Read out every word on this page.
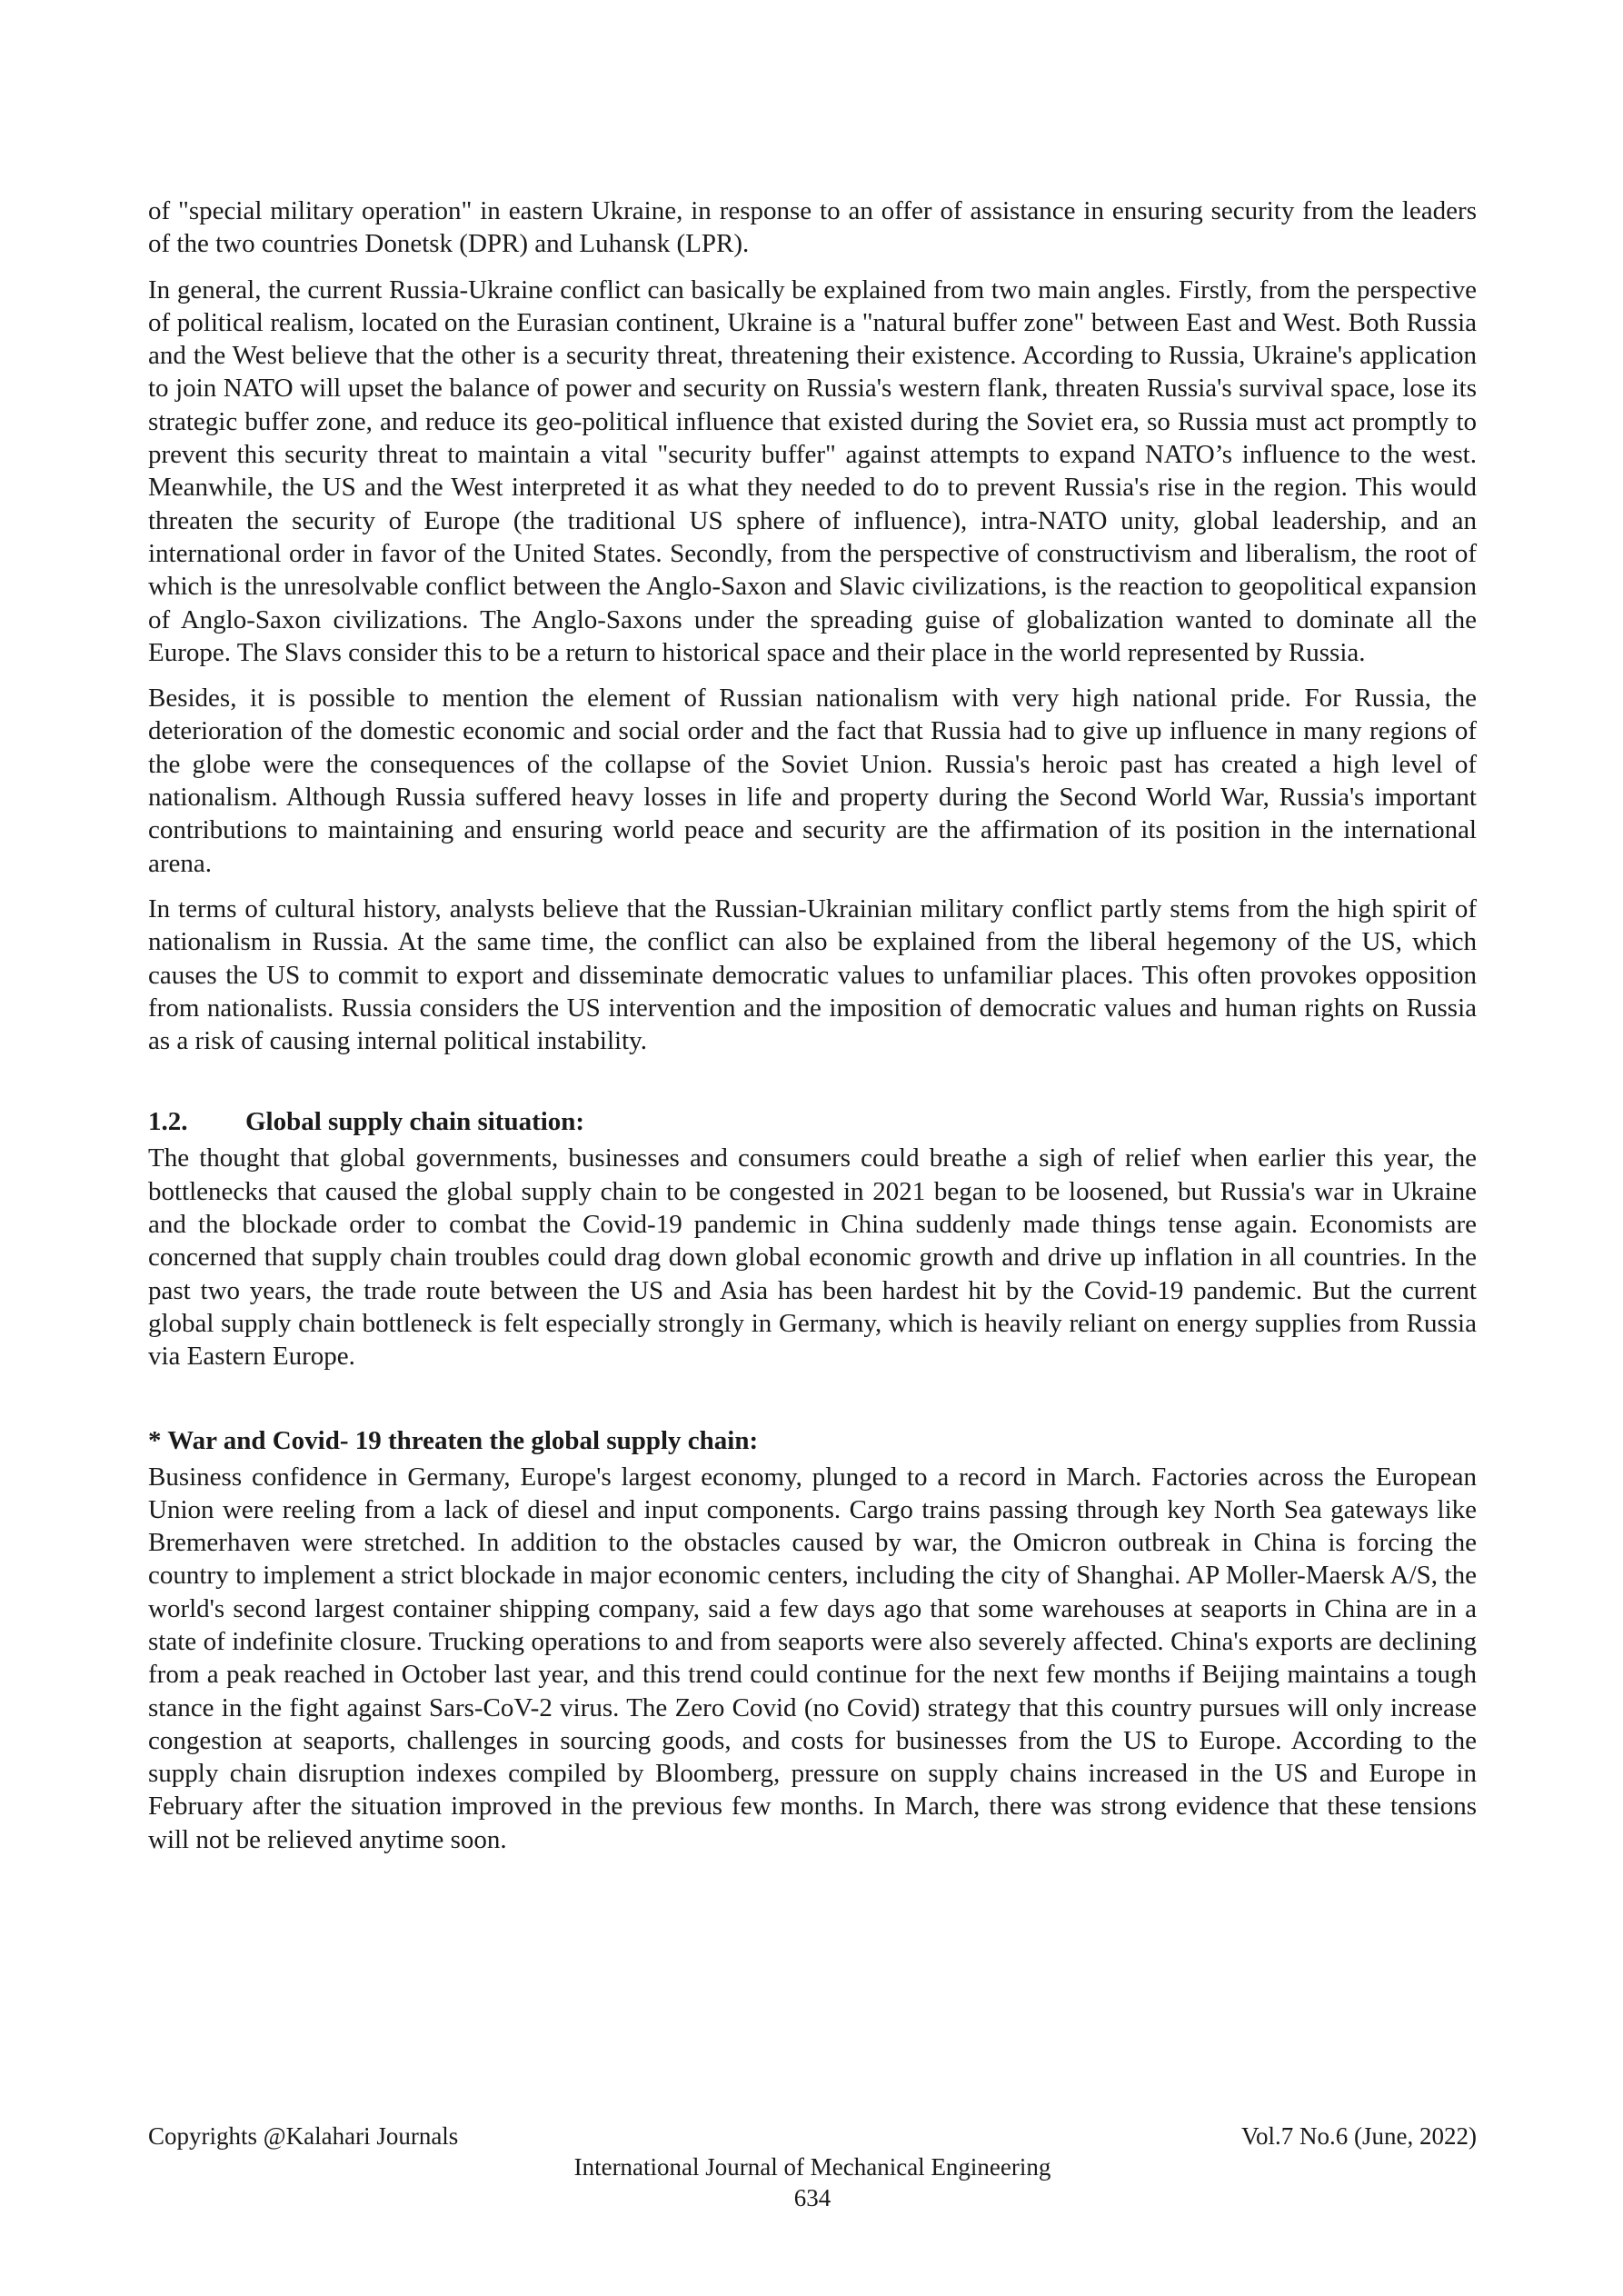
of "special military operation" in eastern Ukraine, in response to an offer of assistance in ensuring security from the leaders of the two countries Donetsk (DPR) and Luhansk (LPR).

In general, the current Russia-Ukraine conflict can basically be explained from two main angles. Firstly, from the perspective of political realism, located on the Eurasian continent, Ukraine is a "natural buffer zone" between East and West. Both Russia and the West believe that the other is a security threat, threatening their existence. According to Russia, Ukraine's application to join NATO will upset the balance of power and security on Russia's western flank, threaten Russia's survival space, lose its strategic buffer zone, and reduce its geo-political influence that existed during the Soviet era, so Russia must act promptly to prevent this security threat to maintain a vital "security buffer" against attempts to expand NATO’s influence to the west. Meanwhile, the US and the West interpreted it as what they needed to do to prevent Russia's rise in the region. This would threaten the security of Europe (the traditional US sphere of influence), intra-NATO unity, global leadership, and an international order in favor of the United States. Secondly, from the perspective of constructivism and liberalism, the root of which is the unresolvable conflict between the Anglo-Saxon and Slavic civilizations, is the reaction to geopolitical expansion of Anglo-Saxon civilizations. The Anglo-Saxons under the spreading guise of globalization wanted to dominate all the Europe. The Slavs consider this to be a return to historical space and their place in the world represented by Russia.

Besides, it is possible to mention the element of Russian nationalism with very high national pride. For Russia, the deterioration of the domestic economic and social order and the fact that Russia had to give up influence in many regions of the globe were the consequences of the collapse of the Soviet Union. Russia's heroic past has created a high level of nationalism. Although Russia suffered heavy losses in life and property during the Second World War, Russia's important contributions to maintaining and ensuring world peace and security are the affirmation of its position in the international arena.

In terms of cultural history, analysts believe that the Russian-Ukrainian military conflict partly stems from the high spirit of nationalism in Russia. At the same time, the conflict can also be explained from the liberal hegemony of the US, which causes the US to commit to export and disseminate democratic values to unfamiliar places. This often provokes opposition from nationalists. Russia considers the US intervention and the imposition of democratic values and human rights on Russia as a risk of causing internal political instability.

1.2. Global supply chain situation:

The thought that global governments, businesses and consumers could breathe a sigh of relief when earlier this year, the bottlenecks that caused the global supply chain to be congested in 2021 began to be loosened, but Russia's war in Ukraine and the blockade order to combat the Covid-19 pandemic in China suddenly made things tense again. Economists are concerned that supply chain troubles could drag down global economic growth and drive up inflation in all countries. In the past two years, the trade route between the US and Asia has been hardest hit by the Covid-19 pandemic. But the current global supply chain bottleneck is felt especially strongly in Germany, which is heavily reliant on energy supplies from Russia via Eastern Europe.

* War and Covid- 19 threaten the global supply chain:

Business confidence in Germany, Europe's largest economy, plunged to a record in March. Factories across the European Union were reeling from a lack of diesel and input components. Cargo trains passing through key North Sea gateways like Bremerhaven were stretched. In addition to the obstacles caused by war, the Omicron outbreak in China is forcing the country to implement a strict blockade in major economic centers, including the city of Shanghai. AP Moller-Maersk A/S, the world's second largest container shipping company, said a few days ago that some warehouses at seaports in China are in a state of indefinite closure. Trucking operations to and from seaports were also severely affected. China's exports are declining from a peak reached in October last year, and this trend could continue for the next few months if Beijing maintains a tough stance in the fight against Sars-CoV-2 virus. The Zero Covid (no Covid) strategy that this country pursues will only increase congestion at seaports, challenges in sourcing goods, and costs for businesses from the US to Europe. According to the supply chain disruption indexes compiled by Bloomberg, pressure on supply chains increased in the US and Europe in February after the situation improved in the previous few months. In March, there was strong evidence that these tensions will not be relieved anytime soon.

Copyrights @Kalahari Journals	Vol.7 No.6 (June, 2022)
International Journal of Mechanical Engineering
634
